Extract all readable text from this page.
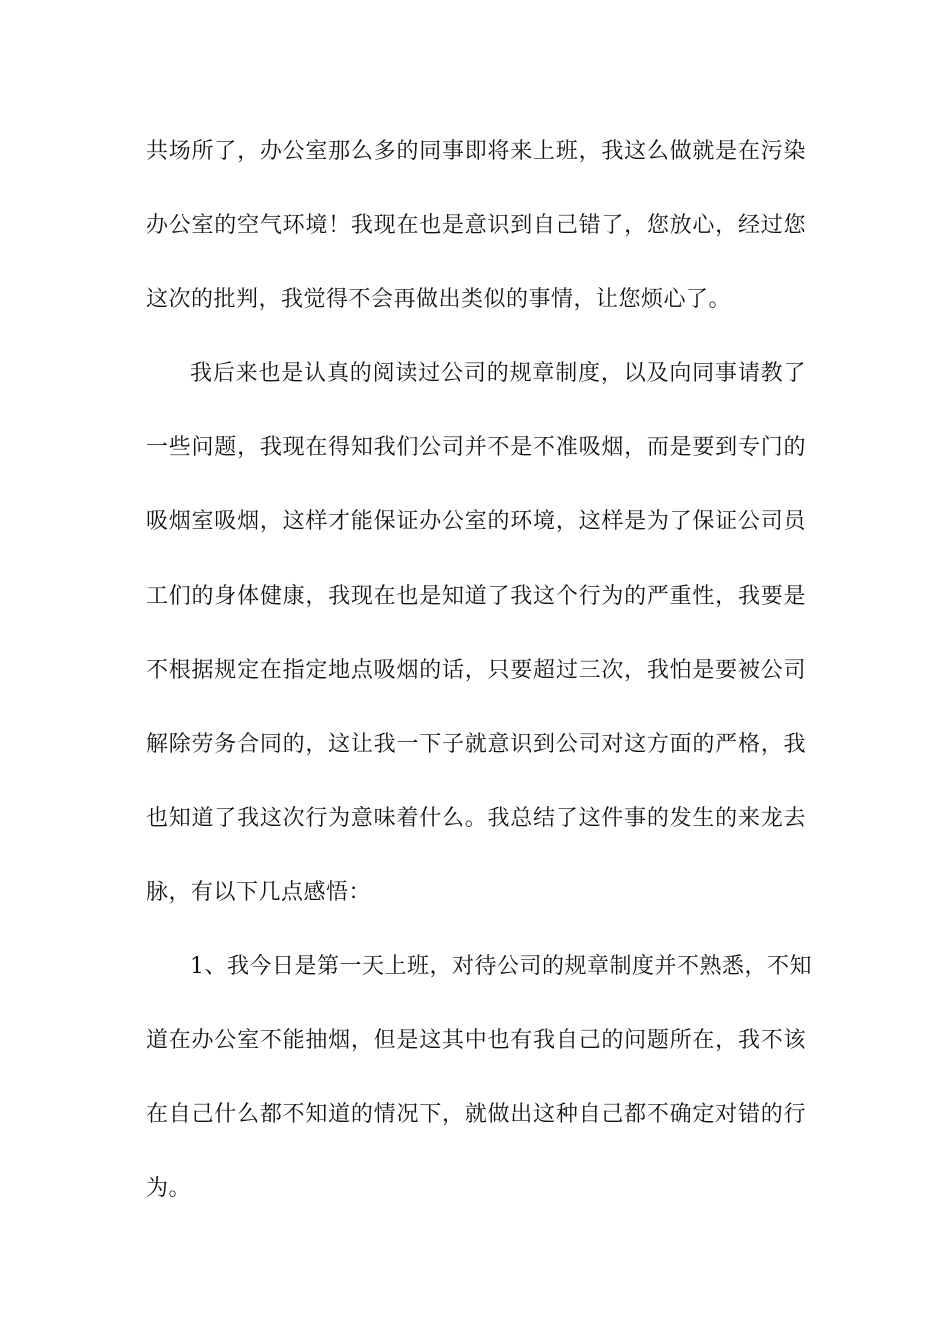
共场所了，办公室那么多的同事即将来上班，我这么做就是在污染
办公室的空气环境！我现在也是意识到自己错了，您放心，经过您
这次的批判，我觉得不会再做出类似的事情，让您烦心了。
我后来也是认真的阅读过公司的规章制度，以及向同事请教了
一些问题，我现在得知我们公司并不是不准吸烟，而是要到专门的
吸烟室吸烟，这样才能保证办公室的环境，这样是为了保证公司员
工们的身体健康，我现在也是知道了我这个行为的严重性，我要是
不根据规定在指定地点吸烟的话，只要超过三次，我怕是要被公司
解除劳务合同的，这让我一下子就意识到公司对这方面的严格，我
也知道了我这次行为意味着什么。我总结了这件事的发生的来龙去
脉，有以下几点感悟：
1、我今日是第一天上班，对待公司的规章制度并不熟悉，不知
道在办公室不能抽烟，但是这其中也有我自己的问题所在，我不该
在自己什么都不知道的情况下，就做出这种自己都不确定对错的行
为。
